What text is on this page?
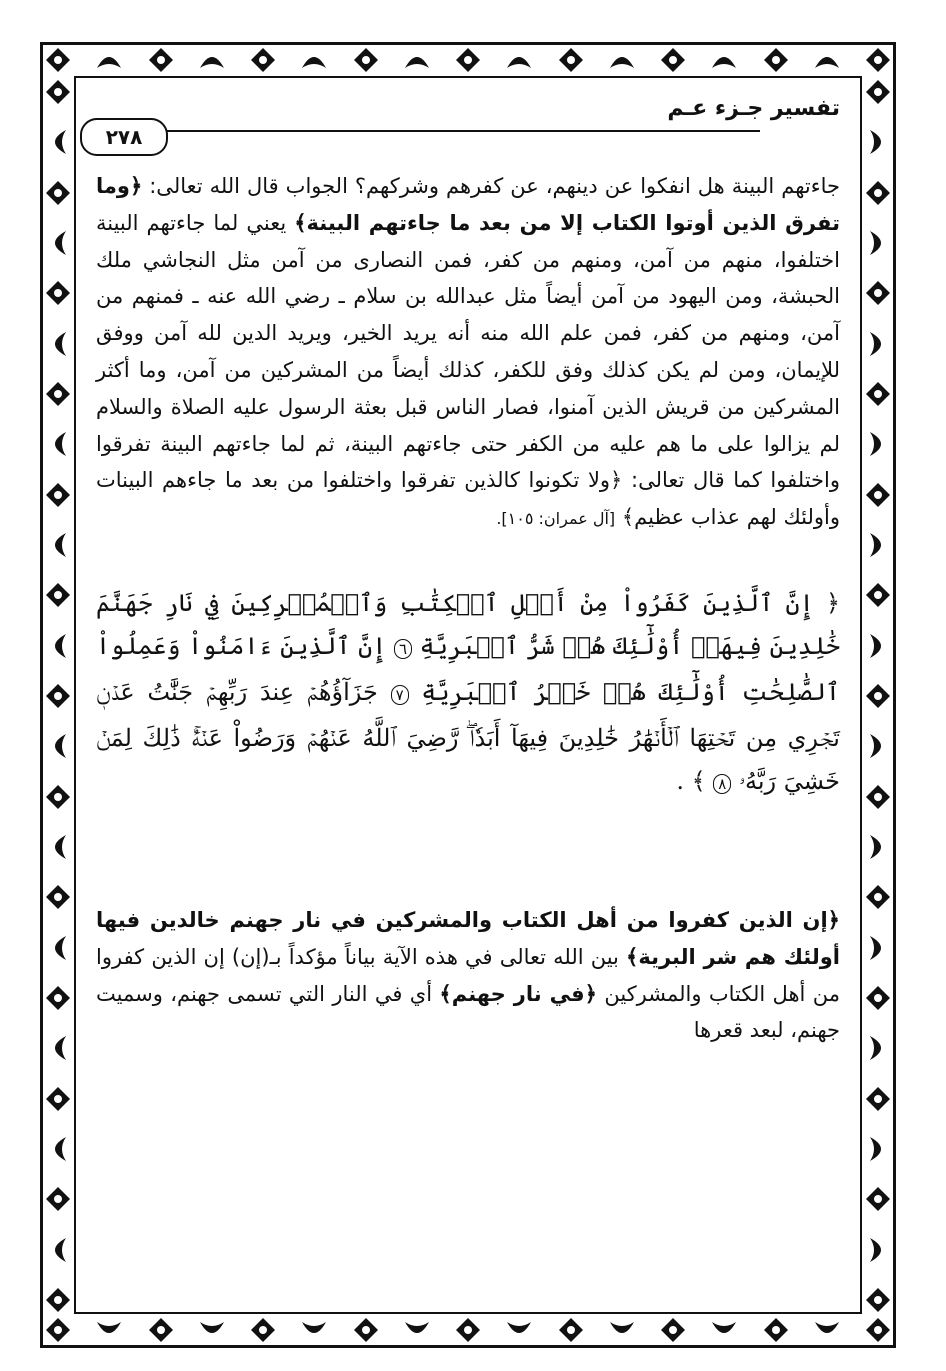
تفسير جـزء عـم
٢٧٨

جاءتهم البينة هل انفكوا عن دينهم، عن كفرهم وشركهم؟ الجواب قال الله تعالى: ﴿وما تفرق الذين أوتوا الكتاب إلا من بعد ما جاءتهم البينة﴾ يعني لما جاءتهم البينة اختلفوا، منهم من آمن، ومنهم من كفر، فمن النصارى من آمن مثل النجاشي ملك الحبشة، ومن اليهود من آمن أيضاً مثل عبدالله بن سلام ـ رضي الله عنه ـ فمنهم من آمن، ومنهم من كفر، فمن علم الله منه أنه يريد الخير، ويريد الدين لله آمن ووفق للإيمان، ومن لم يكن كذلك وفق للكفر، كذلك أيضاً من المشركين من آمن، وما أكثر المشركين من قريش الذين آمنوا، فصار الناس قبل بعثة الرسول عليه الصلاة والسلام لم يزالوا على ما هم عليه من الكفر حتى جاءتهم البينة، ثم لما جاءتهم البينة تفرقوا واختلفوا كما قال تعالى: ﴿ولا تكونوا كالذين تفرقوا واختلفوا من بعد ما جاءهم البينات وأولئك لهم عذاب عظيم﴾ [آل عمران: ١٠٥].

﴿ إِنَّ ٱلَّذِينَ كَفَرُواْ مِنْ أَهۡلِ ٱلۡكِتَٰبِ وَٱلۡمُشۡرِكِينَ فِي نَارِ جَهَنَّمَ خَٰلِدِينَ فِيهَآۚ أُوْلَٰٓئِكَ هُمۡ شَرُّ ٱلۡبَرِيَّةِ ٦ إِنَّ ٱلَّذِينَ ءَامَنُواْ وَعَمِلُواْ ٱلصَّٰلِحَٰتِ أُوْلَٰٓئِكَ هُمۡ خَيۡرُ ٱلۡبَرِيَّةِ ٧ جَزَآؤُهُمۡ عِندَ رَبِّهِمۡ جَنَّٰتُ عَدۡنٖ تَجۡرِي مِن تَحۡتِهَا ٱلۡأَنۡهَٰرُ خَٰلِدِينَ فِيهَآ أَبَدٗاۖ رَّضِيَ ٱللَّهُ عَنۡهُمۡ وَرَضُواْ عَنۡهُۚ ذَٰلِكَ لِمَنۡ خَشِيَ رَبَّهُۥ ٨ ﴾ .

﴿إن الذين كفروا من أهل الكتاب والمشركين في نار جهنم خالدين فيها أولئك هم شر البرية﴾ بين الله تعالى في هذه الآية بياناً مؤكداً بـ(إن) إن الذين كفروا من أهل الكتاب والمشركين ﴿في نار جهنم﴾ أي في النار التي تسمى جهنم، وسميت جهنم، لبعد قعرها
